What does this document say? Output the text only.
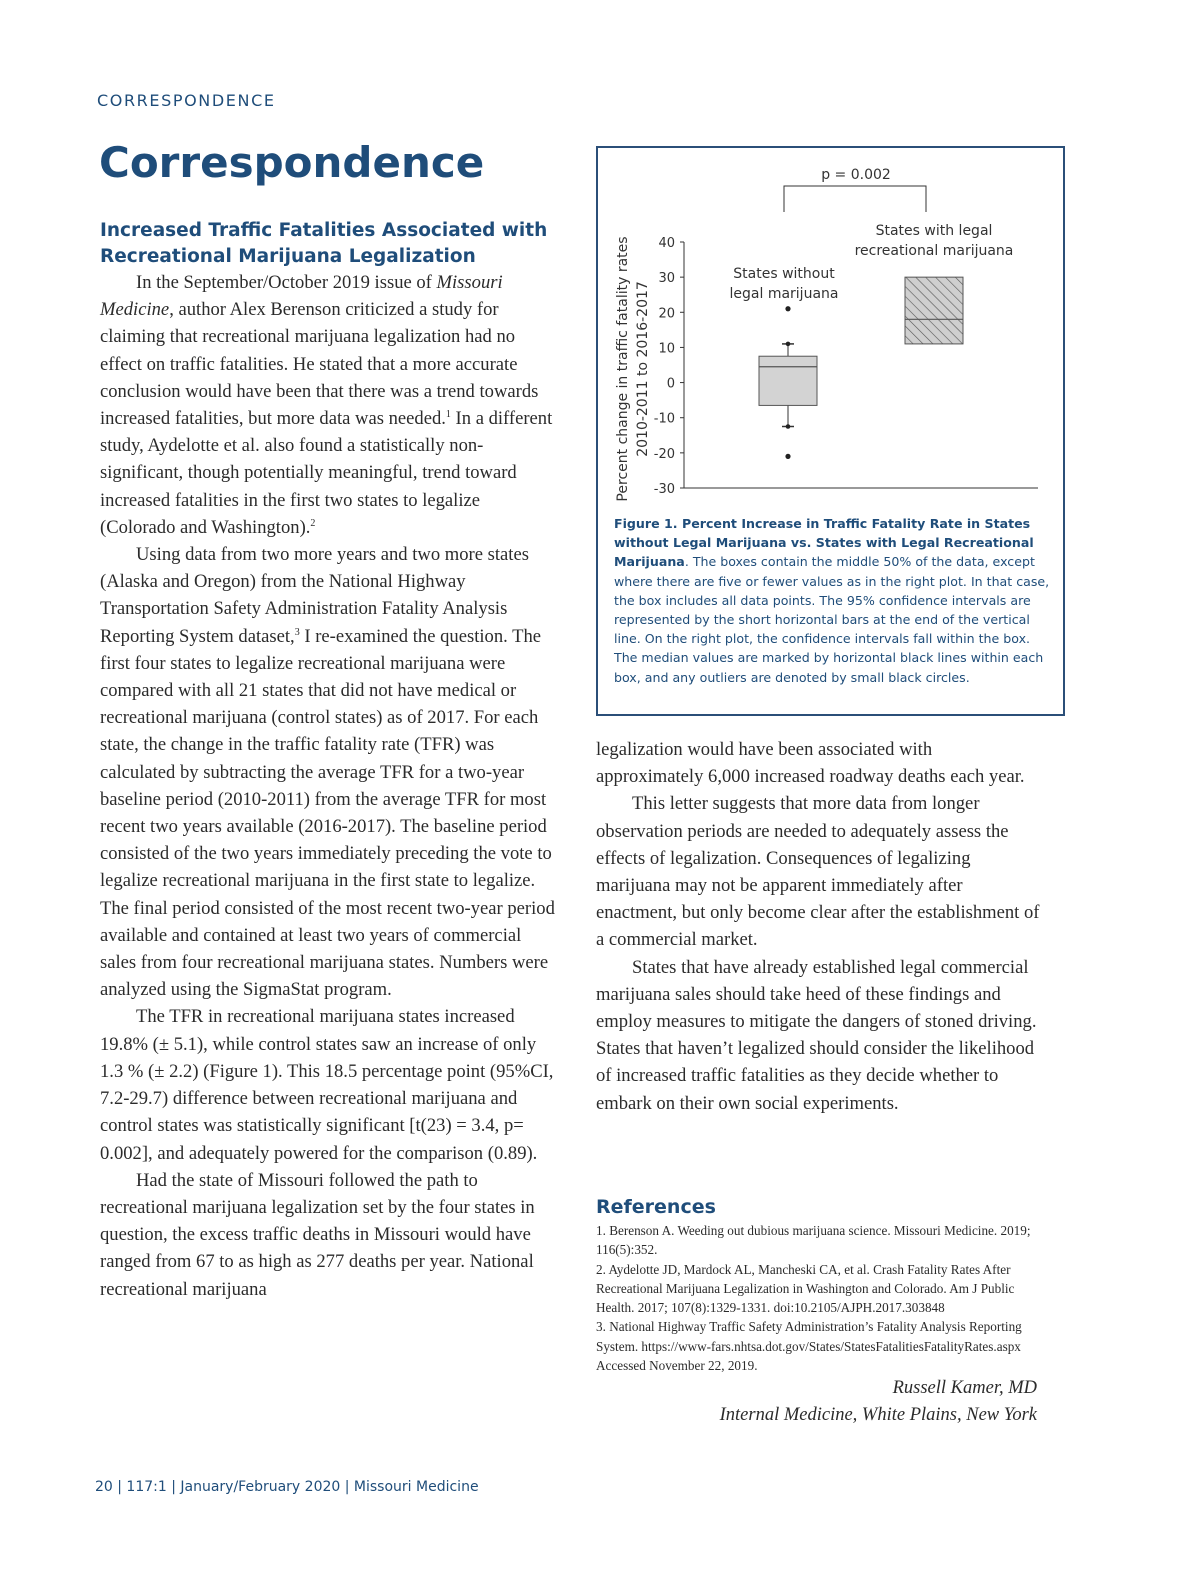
CORRESPONDENCE
Correspondence
Increased Traffic Fatalities Associated with Recreational Marijuana Legalization

In the September/October 2019 issue of Missouri Medicine, author Alex Berenson criticized a study for claiming that recreational marijuana legalization had no effect on traffic fatalities. He stated that a more accurate conclusion would have been that there was a trend towards increased fatalities, but more data was needed.$^1$ In a different study, Aydelotte et al. also found a statistically non-significant, though potentially meaningful, trend toward increased fatalities in the first two states to legalize (Colorado and Washington).$^2$

Using data from two more years and two more states (Alaska and Oregon) from the National Highway Transportation Safety Administration Fatality Analysis Reporting System dataset,$^3$ I re-examined the question. The first four states to legalize recreational marijuana were compared with all 21 states that did not have medical or recreational marijuana (control states) as of 2017. For each state, the change in the traffic fatality rate (TFR) was calculated by subtracting the average TFR for a two-year baseline period (2010-2011) from the average TFR for most recent two years available (2016-2017). The baseline period consisted of the two years immediately preceding the vote to legalize recreational marijuana in the first state to legalize. The final period consisted of the most recent two-year period available and contained at least two years of commercial sales from four recreational marijuana states. Numbers were analyzed using the SigmaStat program.

The TFR in recreational marijuana states increased 19.8% (± 5.1), while control states saw an increase of only 1.3 % (± 2.2) (Figure 1). This 18.5 percentage point (95%CI, 7.2-29.7) difference between recreational marijuana and control states was statistically significant [t(23) = 3.4, p= 0.002], and adequately powered for the comparison (0.89).

Had the state of Missouri followed the path to recreational marijuana legalization set by the four states in question, the excess traffic deaths in Missouri would have ranged from 67 to as high as 277 deaths per year. National recreational marijuana

40
30
20
10
0
-10
-20
-30
Percent change in traffic fatality rates 2010-2011 to 2016-2017
States without
legal marijuana
States with legal
recreational marijuana
p = 0.002

Figure 1. Percent Increase in Traffic Fatality Rate in States without Legal Marijuana vs. States with Legal Recreational Marijuana. The boxes contain the middle 50% of the data, except where there are five or fewer values as in the right plot. In that case, the box includes all data points. The 95% confidence intervals are represented by the short horizontal bars at the end of the vertical line. On the right plot, the confidence intervals fall within the box. The median values are marked by horizontal black lines within each box, and any outliers are denoted by small black circles.

legalization would have been associated with approximately 6,000 increased roadway deaths each year.

This letter suggests that more data from longer observation periods are needed to adequately assess the effects of legalization. Consequences of legalizing marijuana may not be apparent immediately after enactment, but only become clear after the establishment of a commercial market.

States that have already established legal commercial marijuana sales should take heed of these findings and employ measures to mitigate the dangers of stoned driving. States that haven’t legalized should consider the likelihood of increased traffic fatalities as they decide whether to embark on their own social experiments.

References
1. Berenson A. Weeding out dubious marijuana science. Missouri Medicine. 2019; 116(5):352.
2. Aydelotte JD, Mardock AL, Mancheski CA, et al. Crash Fatality Rates After Recreational Marijuana Legalization in Washington and Colorado. Am J Public Health. 2017; 107(8):1329-1331. doi:10.2105/AJPH.2017.303848
3. National Highway Traffic Safety Administration’s Fatality Analysis Reporting System. https://www-fars.nhtsa.dot.gov/States/StatesFatalitiesFatalityRates.aspx Accessed November 22, 2019.
Russell Kamer, MD
Internal Medicine, White Plains, New York
20 | 117:1 | January/February 2020 | Missouri Medicine
